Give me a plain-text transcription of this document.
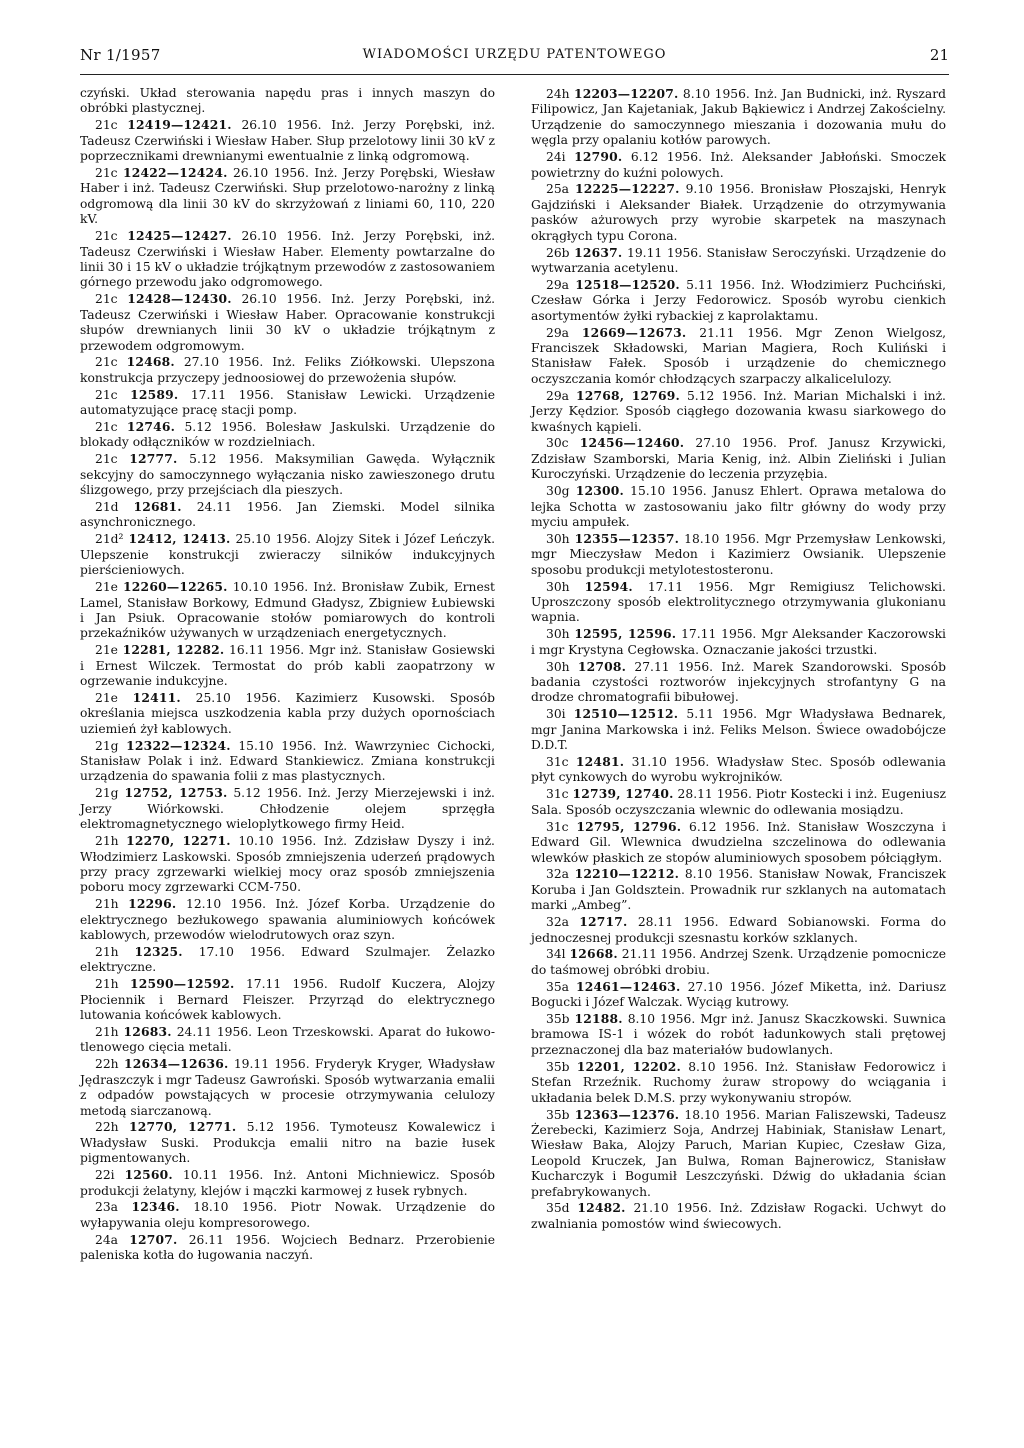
Nr 1/1957	WIADOMOŚCI URZĘDU PATENTOWEGO	21

czyński. Układ sterowania napędu pras i innych maszyn do obróbki plastycznej.

21c 12419—12421. 26.10 1956. Inż. Jerzy Porębski, inż. Tadeusz Czerwiński i Wiesław Haber. Słup przelotowy linii 30 kV z poprzecznikami drewnianymi ewentualnie z linką odgromową.

21c 12422—12424. 26.10 1956. Inż. Jerzy Porębski, Wiesław Haber i inż. Tadeusz Czerwiński. Słup przelotowo-narożny z linką odgromową dla linii 30 kV do skrzyżowań z liniami 60, 110, 220 kV.

21c 12425—12427. 26.10 1956. Inż. Jerzy Porębski, inż. Tadeusz Czerwiński i Wiesław Haber. Elementy powtarzalne do linii 30 i 15 kV o układzie trójkątnym przewodów z zastosowaniem górnego przewodu jako odgromowego.

21c 12428—12430. 26.10 1956. Inż. Jerzy Porębski, inż. Tadeusz Czerwiński i Wiesław Haber. Opracowanie konstrukcji słupów drewnianych linii 30 kV o układzie trójkątnym z przewodem odgromowym.

21c 12468. 27.10 1956. Inż. Feliks Ziółkowski. Ulepszona konstrukcja przyczepy jednoosiowej do przewożenia słupów.

21c 12589. 17.11 1956. Stanisław Lewicki. Urządzenie automatyzujące pracę stacji pomp.

21c 12746. 5.12 1956. Bolesław Jaskulski. Urządzenie do blokady odłączników w rozdzielniach.

21c 12777. 5.12 1956. Maksymilian Gawęda. Wyłącznik sekcyjny do samoczynnego wyłączania nisko zawieszonego drutu ślizgowego, przy przejściach dla pieszych.

21d 12681. 24.11 1956. Jan Ziemski. Model silnika asynchronicznego.

21d² 12412, 12413. 25.10 1956. Alojzy Sitek i Józef Leńczyk. Ulepszenie konstrukcji zwieraczy silników indukcyjnych pierścieniowych.

21e 12260—12265. 10.10 1956. Inż. Bronisław Zubik, Ernest Lamel, Stanisław Borkowy, Edmund Gładysz, Zbigniew Łubiewski i Jan Psiuk. Opracowanie stołów pomiarowych do kontroli przekaźników używanych w urządzeniach energetycznych.

21e 12281, 12282. 16.11 1956. Mgr inż. Stanisław Gosiewski i Ernest Wilczek. Termostat do prób kabli zaopatrzony w ogrzewanie indukcyjne.

21e 12411. 25.10 1956. Kazimierz Kusowski. Sposób określania miejsca uszkodzenia kabla przy dużych opornościach uziemień żył kablowych.

21g 12322—12324. 15.10 1956. Inż. Wawrzyniec Cichocki, Stanisław Polak i inż. Edward Stankiewicz. Zmiana konstrukcji urządzenia do spawania folii z mas plastycznych.

21g 12752, 12753. 5.12 1956. Inż. Jerzy Mierzejewski i inż. Jerzy Wiórkowski. Chłodzenie olejem sprzęgła elektromagnetycznego wieloplytkowego firmy Heid.

21h 12270, 12271. 10.10 1956. Inż. Zdzisław Dyszy i inż. Włodzimierz Laskowski. Sposób zmniejszenia uderzeń prądowych przy pracy zgrzewarki wielkiej mocy oraz sposób zmniejszenia poboru mocy zgrzewarki CCM-750.

21h 12296. 12.10 1956. Inż. Józef Korba. Urządzenie do elektrycznego bezłukowego spawania aluminiowych końcówek kablowych, przewodów wielodrutowych oraz szyn.

21h 12325. 17.10 1956. Edward Szulmajer. Żelazko elektryczne.

21h 12590—12592. 17.11 1956. Rudolf Kuczera, Alojzy Płociennik i Bernard Fleiszer. Przyrząd do elektrycznego lutowania końcówek kablowych.

21h 12683. 24.11 1956. Leon Trzeskowski. Aparat do łukowo-tlenowego cięcia metali.

22h 12634—12636. 19.11 1956. Fryderyk Kryger, Władysław Jędraszczyk i mgr Tadeusz Gawroński. Sposób wytwarzania emalii z odpadów powstających w procesie otrzymywania celulozy metodą siarczanową.

22h 12770, 12771. 5.12 1956. Tymoteusz Kowalewicz i Władysław Suski. Produkcja emalii nitro na bazie łusek pigmentowanych.

22i 12560. 10.11 1956. Inż. Antoni Michniewicz. Sposób produkcji żelatyny, klejów i mączki karmowej z łusek rybnych.

23a 12346. 18.10 1956. Piotr Nowak. Urządzenie do wyłapywania oleju kompresorowego.

24a 12707. 26.11 1956. Wojciech Bednarz. Przerobienie paleniska kotła do ługowania naczyń.

24h 12203—12207. 8.10 1956. Inż. Jan Budnicki, inż. Ryszard Filipowicz, Jan Kajetaniak, Jakub Bąkiewicz i Andrzej Zakościelny. Urządzenie do samoczynnego mieszania i dozowania mułu do węgla przy opalaniu kotłów parowych.

24i 12790. 6.12 1956. Inż. Aleksander Jabłoński. Smoczek powietrzny do kuźni polowych.

25a 12225—12227. 9.10 1956. Bronisław Płoszajski, Henryk Gajdziński i Aleksander Białek. Urządzenie do otrzymywania pasków ażurowych przy wyrobie skarpetek na maszynach okrągłych typu Corona.

26b 12637. 19.11 1956. Stanisław Seroczyński. Urządzenie do wytwarzania acetylenu.

29a 12518—12520. 5.11 1956. Inż. Włodzimierz Puchciński, Czesław Górka i Jerzy Fedorowicz. Sposób wyrobu cienkich asortymentów żyłki rybackiej z kaprolaktamu.

29a 12669—12673. 21.11 1956. Mgr Zenon Wielgosz, Franciszek Składowski, Marian Magiera, Roch Kuliński i Stanisław Fałek. Sposób i urządzenie do chemicznego oczyszczania komór chłodzących szarpaczy alkalicelulozy.

29a 12768, 12769. 5.12 1956. Inż. Marian Michalski i inż. Jerzy Kędzior. Sposób ciągłego dozowania kwasu siarkowego do kwaśnych kąpieli.

30c 12456—12460. 27.10 1956. Prof. Janusz Krzywicki, Zdzisław Szamborski, Maria Kenig, inż. Albin Zieliński i Julian Kuroczyński. Urządzenie do leczenia przyzębia.

30g 12300. 15.10 1956. Janusz Ehlert. Oprawa metalowa do lejka Schotta w zastosowaniu jako filtr główny do wody przy myciu ampułek.

30h 12355—12357. 18.10 1956. Mgr Przemysław Lenkowski, mgr Mieczysław Medon i Kazimierz Owsianik. Ulepszenie sposobu produkcji metylotestosteronu.

30h 12594. 17.11 1956. Mgr Remigiusz Telichowski. Uproszczony sposób elektrolitycznego otrzymywania glukonianu wapnia.

30h 12595, 12596. 17.11 1956. Mgr Aleksander Kaczorowski i mgr Krystyna Cegłowska. Oznaczanie jakości trzustki.

30h 12708. 27.11 1956. Inż. Marek Szandorowski. Sposób badania czystości roztworów injekcyjnych strofantyny G na drodze chromatografii bibułowej.

30i 12510—12512. 5.11 1956. Mgr Władysława Bednarek, mgr Janina Markowska i inż. Feliks Melson. Świece owadobójcze D.D.T.

31c 12481. 31.10 1956. Władysław Stec. Sposób odlewania płyt cynkowych do wyrobu wykrojników.

31c 12739, 12740. 28.11 1956. Piotr Kostecki i inż. Eugeniusz Sala. Sposób oczyszczania wlewnic do odlewania mosiądzu.

31c 12795, 12796. 6.12 1956. Inż. Stanisław Woszczyna i Edward Gil. Wlewnica dwudzielna szczelinowa do odlewania wlewków płaskich ze stopów aluminiowych sposobem półciągłym.

32a 12210—12212. 8.10 1956. Stanisław Nowak, Franciszek Koruba i Jan Goldsztein. Prowadnik rur szklanych na automatach marki „Ambeg”.

32a 12717. 28.11 1956. Edward Sobianowski. Forma do jednoczesnej produkcji szesnastu korków szklanych.

34l 12668. 21.11 1956. Andrzej Szenk. Urządzenie pomocnicze do taśmowej obróbki drobiu.

35a 12461—12463. 27.10 1956. Józef Miketta, inż. Dariusz Bogucki i Józef Walczak. Wyciąg kutrowy.

35b 12188. 8.10 1956. Mgr inż. Janusz Skaczkowski. Suwnica bramowa IS-1 i wózek do robót ładunkowych stali prętowej przeznaczonej dla baz materiałów budowlanych.

35b 12201, 12202. 8.10 1956. Inż. Stanisław Fedorowicz i Stefan Rrzeźnik. Ruchomy żuraw stropowy do wciągania i układania belek D.M.S. przy wykonywaniu stropów.

35b 12363—12376. 18.10 1956. Marian Faliszewski, Tadeusz Żerebecki, Kazimierz Soja, Andrzej Habiniak, Stanisław Lenart, Wiesław Baka, Alojzy Paruch, Marian Kupiec, Czesław Giza, Leopold Kruczek, Jan Bulwa, Roman Bajnerowicz, Stanisław Kucharczyk i Bogumił Leszczyński. Dźwig do układania ścian prefabrykowanych.

35d 12482. 21.10 1956. Inż. Zdzisław Rogacki. Uchwyt do zwalniania pomostów wind świecowych.
